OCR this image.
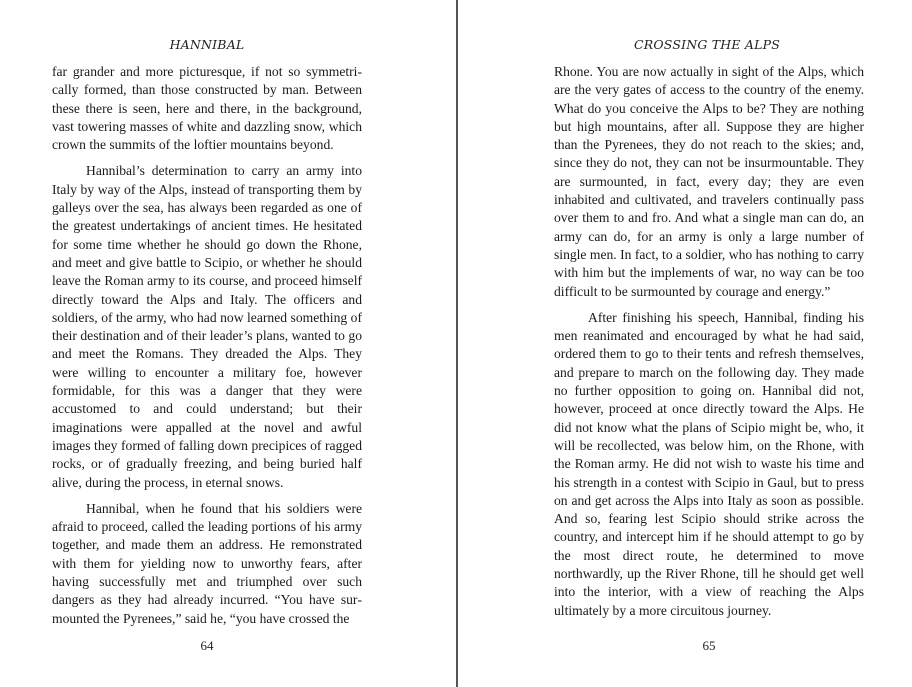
HANNIBAL

far grander and more picturesque, if not so symmetrically formed, than those constructed by man. Between these there is seen, here and there, in the background, vast towering masses of white and dazzling snow, which crown the summits of the loftier mountains beyond.

Hannibal’s determination to carry an army into Italy by way of the Alps, instead of transporting them by galleys over the sea, has always been regarded as one of the greatest undertakings of ancient times. He hesitated for some time whether he should go down the Rhone, and meet and give battle to Scipio, or whether he should leave the Roman army to its course, and proceed himself directly toward the Alps and Italy. The officers and soldiers, of the army, who had now learned something of their destination and of their leader’s plans, wanted to go and meet the Romans. They dreaded the Alps. They were willing to encounter a military foe, however formidable, for this was a danger that they were accustomed to and could understand; but their imaginations were appalled at the novel and awful images they formed of falling down precipices of ragged rocks, or of gradually freezing, and being buried half alive, during the process, in eternal snows.

Hannibal, when he found that his soldiers were afraid to proceed, called the leading portions of his army together, and made them an address. He remonstrated with them for yielding now to unworthy fears, after having successfully met and triumphed over such dangers as they had already incurred. “You have surmounted the Pyrenees,” said he, “you have crossed the

64
CROSSING THE ALPS

Rhone. You are now actually in sight of the Alps, which are the very gates of access to the country of the enemy. What do you conceive the Alps to be? They are nothing but high mountains, after all. Suppose they are higher than the Pyrenees, they do not reach to the skies; and, since they do not, they can not be insurmountable. They are surmounted, in fact, every day; they are even inhabited and cultivated, and travelers continually pass over them to and fro. And what a single man can do, an army can do, for an army is only a large number of single men. In fact, to a soldier, who has nothing to carry with him but the implements of war, no way can be too difficult to be surmounted by courage and energy.”

After finishing his speech, Hannibal, finding his men reanimated and encouraged by what he had said, ordered them to go to their tents and refresh themselves, and prepare to march on the following day. They made no further opposition to going on. Hannibal did not, however, proceed at once directly toward the Alps. He did not know what the plans of Scipio might be, who, it will be recollected, was below him, on the Rhone, with the Roman army. He did not wish to waste his time and his strength in a contest with Scipio in Gaul, but to press on and get across the Alps into Italy as soon as possible. And so, fearing lest Scipio should strike across the country, and intercept him if he should attempt to go by the most direct route, he determined to move northwardly, up the River Rhone, till he should get well into the interior, with a view of reaching the Alps ultimately by a more circuitous journey.

65
